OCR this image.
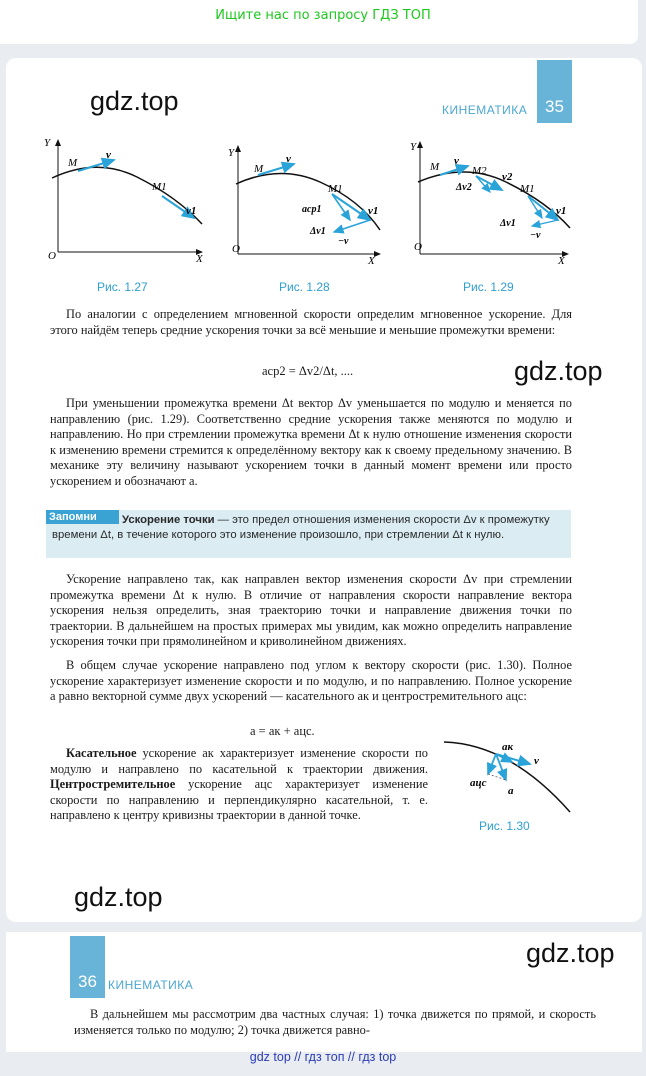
Ищите нас по запросу ГДЗ ТОП
gdz.top	КИНЕМАТИКА	35
Y
X
O
M
v
M1
v1
Рис. 1.27
Y
X
O
M
v
M1
v1
aср1
Δv1
−v
Рис. 1.28
Y
X
O
M v
M2 v2
Δv2	M1
v1
Δv1
−v
Рис. 1.29

По аналогии с определением мгновенной скорости определим мгновенное ускорение. Для этого найдём теперь средние ускорения точки за всё меньшие и меньшие промежутки времени:

aср2 = Δv2/Δt, ....	gdz.top

При уменьшении промежутка времени Δt вектор Δv уменьшается по модулю и меняется по направлению (рис. 1.29). Соответственно средние ускорения также меняются по модулю и направлению. Но при стремлении промежутка времени Δt к нулю отношение изменения скорости к изменению времени стремится к определённому вектору как к своему предельному значению. В механике эту величину называют ускорением точки в данный момент времени или просто ускорением и обозначают a.

Ускорение точки — это предел отношения изменения скорости Δv к промежутку времени Δt, в течение которого это изменение произошло, при стремлении Δt к нулю.
Запомни

Ускорение направлено так, как направлен вектор изменения скорости Δv при стремлении промежутка времени Δt к нулю. В отличие от направления скорости направление вектора ускорения нельзя определить, зная траекторию точки и направление движения точки по траектории. В дальнейшем на простых примерах мы увидим, как можно определить направление ускорения точки при прямолинейном и криволинейном движениях.

В общем случае ускорение направлено под углом к вектору скорости (рис. 1.30). Полное ускорение характеризует изменение скорости и по модулю, и по направлению. Полное ускорение a равно векторной сумме двух ускорений — касательного aк и центростремительного aцс:

a = aк + aцс.

Касательное ускорение aк характеризует изменение скорости по модулю и направлено по касательной к траектории движения. Центростремительное ускорение aцс характеризует изменение скорости по направлению и перпендикулярно касательной, т. е. направлено к центру кривизны траектории в данной точке.

aк
v
aцс
a
Рис. 1.30
gdz.top
36 КИНЕМАТИКА
gdz.top

В дальнейшем мы рассмотрим два частных случая: 1) точка движется по прямой, и скорость изменяется только по модулю; 2) точка движется равно-

gdz top // гдз топ // гдз top
